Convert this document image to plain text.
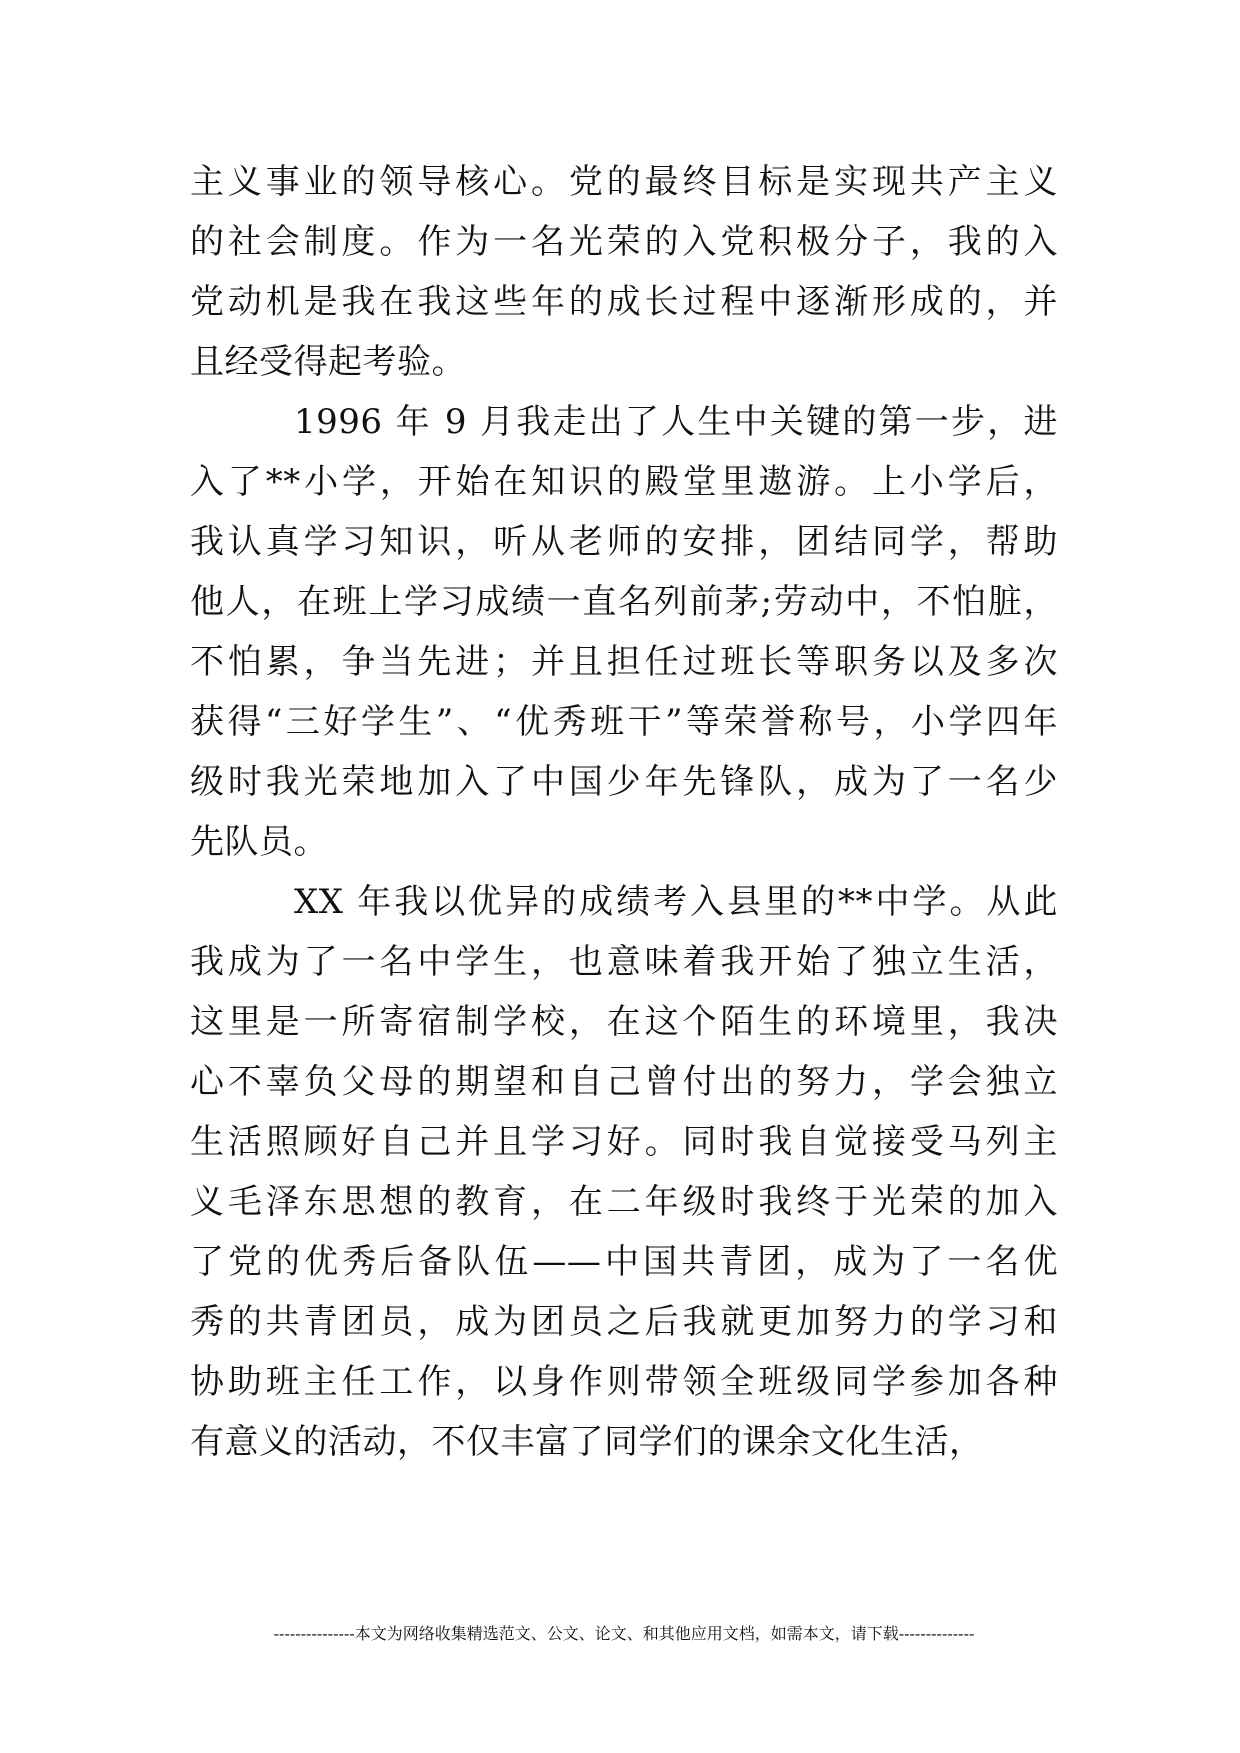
主义事业的领导核心。党的最终目标是实现共产主义
的社会制度。作为一名光荣的入党积极分子，我的入
党动机是我在我这些年的成长过程中逐渐形成的，并
且经受得起考验。
1996 年 9 月我走出了人生中关键的第一步，进
入了**小学，开始在知识的殿堂里遨游。上小学后，
我认真学习知识，听从老师的安排，团结同学，帮助
他人，在班上学习成绩一直名列前茅;劳动中，不怕脏，
不怕累，争当先进；并且担任过班长等职务以及多次
获得“三好学生”、“优秀班干”等荣誉称号，小学四年
级时我光荣地加入了中国少年先锋队，成为了一名少
先队员。
XX 年我以优异的成绩考入县里的**中学。从此
我成为了一名中学生，也意味着我开始了独立生活，
这里是一所寄宿制学校，在这个陌生的环境里，我决
心不辜负父母的期望和自己曾付出的努力，学会独立
生活照顾好自己并且学习好。同时我自觉接受马列主
义毛泽东思想的教育，在二年级时我终于光荣的加入
了党的优秀后备队伍——中国共青团，成为了一名优
秀的共青团员，成为团员之后我就更加努力的学习和
协助班主任工作，以身作则带领全班级同学参加各种
有意义的活动，不仅丰富了同学们的课余文化生活，
---------------本文为网络收集精选范文、公文、论文、和其他应用文档，如需本文，请下载--------------
